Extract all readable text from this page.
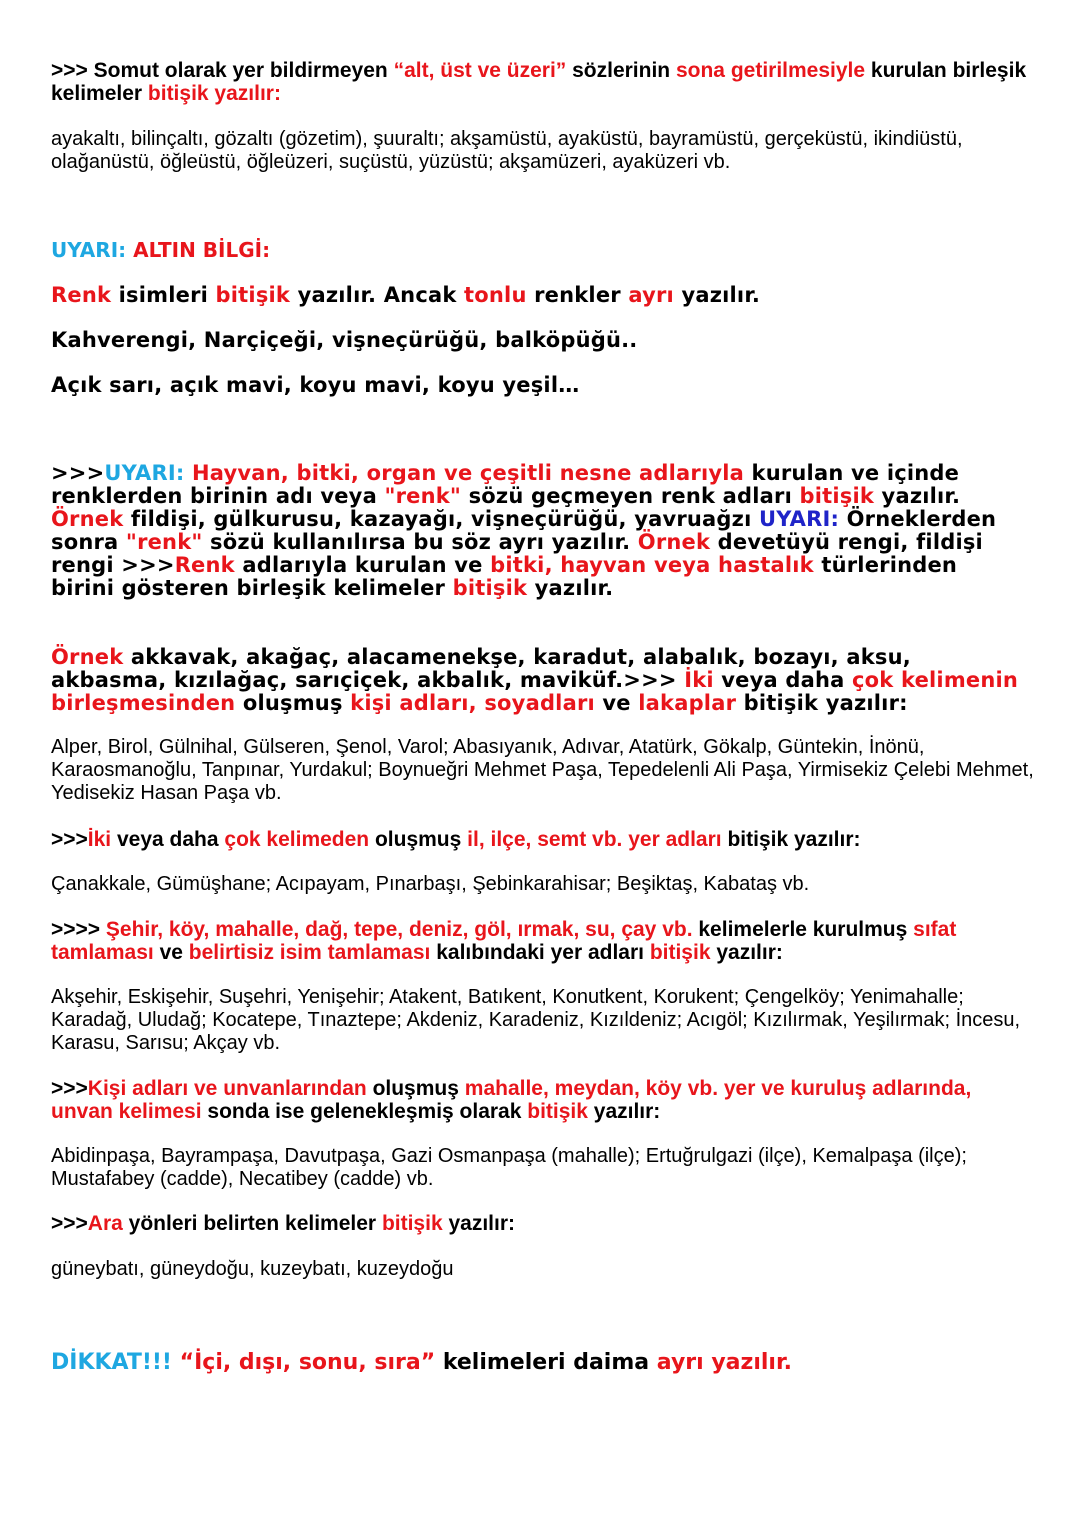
>>> Somut olarak yer bildirmeyen “alt, üst ve üzeri” sözlerinin sona getirilmesiyle kurulan birleşik kelimeler bitişik yazılır:
ayakaltı, bilinçaltı, gözaltı (gözetim), şuuraltı; akşamüstü, ayaküstü, bayramüstü, gerçeküstü, ikindiüstü, olağanüstü, öğleüstü, öğleüzeri, suçüstü, yüzüstü; akşamüzeri, ayaküzeri vb.
UYARI: ALTIN BİLGİ:
Renk isimleri bitişik yazılır. Ancak tonlu renkler ayrı yazılır.
Kahverengi, Narçiçeği, vişneçürüğü, balköpüğü..
Açık sarı, açık mavi, koyu mavi, koyu yeşil…
>>>UYARI: Hayvan, bitki, organ ve çeşitli nesne adlarıyla kurulan ve içinde renklerden birinin adı veya "renk" sözü geçmeyen renk adları bitişik yazılır. Örnek fildişi, gülkurusu, kazayağı, vişneçürüğü, yavruağzı UYARI: Örneklerden sonra "renk" sözü kullanılırsa bu söz ayrı yazılır. Örnek devetüyü rengi, fildişi rengi >>>Renk adlarıyla kurulan ve bitki, hayvan veya hastalık türlerinden birini gösteren birleşik kelimeler bitişik yazılır.
Örnek akkavak, akağaç, alacamenekşe, karadut, alabalık, bozayı, aksu, akbasma, kızılağaç, sarıçiçek, akbalık, maviküf.>>> İki veya daha çok kelimenin birleşmesinden oluşmuş kişi adları, soyadları ve lakaplar bitişik yazılır:
Alper, Birol, Gülnihal, Gülseren, Şenol, Varol; Abasıyanık, Adıvar, Atatürk, Gökalp, Güntekin, İnönü, Karaosmanoğlu, Tanpınar, Yurdakul; Boynueğri Mehmet Paşa, Tepedelenli Ali Paşa, Yirmisekiz Çelebi Mehmet, Yedisekiz Hasan Paşa vb.
>>>İki veya daha çok kelimeden oluşmuş il, ilçe, semt vb. yer adları bitişik yazılır:
Çanakkale, Gümüşhane; Acıpayam, Pınarbaşı, Şebinkarahisar; Beşiktaş, Kabataş vb.
>>>> Şehir, köy, mahalle, dağ, tepe, deniz, göl, ırmak, su, çay vb. kelimelerle kurulmuş sıfat tamlaması ve belirtisiz isim tamlaması kalıbındaki yer adları bitişik yazılır:
Akşehir, Eskişehir, Suşehri, Yenişehir; Atakent, Batıkent, Konutkent, Korukent; Çengelköy; Yenimahalle; Karadağ, Uludağ; Kocatepe, Tınaztepe; Akdeniz, Karadeniz, Kızıldeniz; Acıgöl; Kızılırmak, Yeşilırmak; İncesu, Karasu, Sarısu; Akçay vb.
>>>Kişi adları ve unvanlarından oluşmuş mahalle, meydan, köy vb. yer ve kuruluş adlarında, unvan kelimesi sonda ise gelenekleşmiş olarak bitişik yazılır:
Abidinpaşa, Bayrampaşa, Davutpaşa, Gazi Osmanpaşa (mahalle); Ertuğrulgazi (ilçe), Kemalpaşa (ilçe); Mustafabey (cadde), Necatibey (cadde) vb.
>>>Ara yönleri belirten kelimeler bitişik yazılır:
güneybatı, güneydoğu, kuzeybatı, kuzeydoğu
DİKKAT!!! “İçi, dışı, sonu, sıra” kelimeleri daima ayrı yazılır.
